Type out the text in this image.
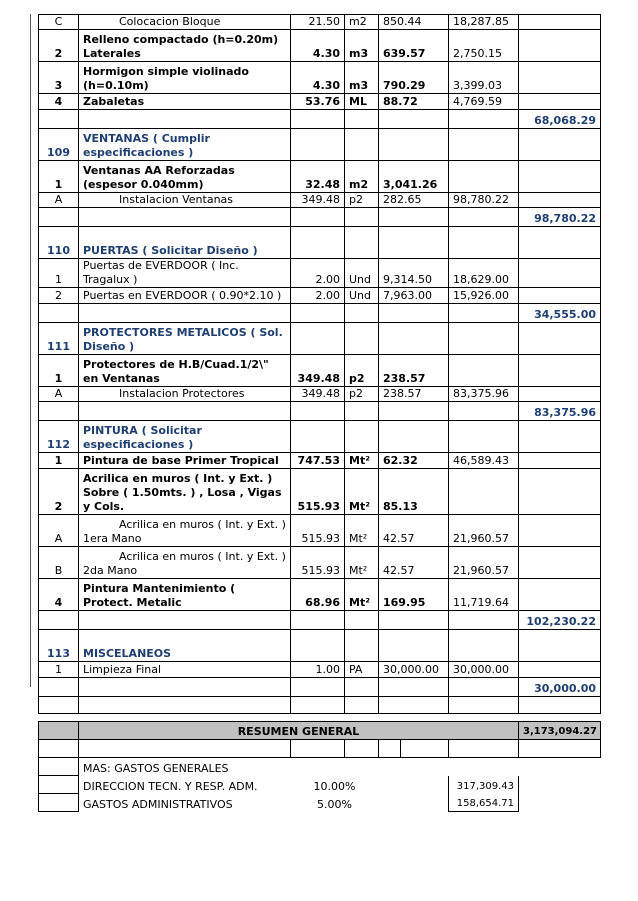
C	Colocacion Bloque	21.50	m2	850.44	18,287.85	
2	Relleno compactado (h=0.20m) Laterales	4.30	m3	639.57	2,750.15	
3	Hormigon simple violinado (h=0.10m)	4.30	m3	790.29	3,399.03	
4	Zabaletas	53.76	ML	88.72	4,769.59	
						68,068.29
109	VENTANAS ( Cumplir especificaciones )					
1	Ventanas AA Reforzadas (espesor 0.040mm)	32.48	m2	3,041.26		
A	Instalacion Ventanas	349.48	p2	282.65	98,780.22	
						98,780.22
110	PUERTAS ( Solicitar Diseño )					
1	Puertas de EVERDOOR ( Inc. Tragalux )	2.00	Und	9,314.50	18,629.00	
2	Puertas en EVERDOOR ( 0.90*2.10 )	2.00	Und	7,963.00	15,926.00	
						34,555.00
111	PROTECTORES METALICOS ( Sol. Diseño )					
1	Protectores de H.B/Cuad.1/2\" en Ventanas	349.48	p2	238.57		
A	Instalacion Protectores	349.48	p2	238.57	83,375.96	
						83,375.96
112	PINTURA ( Solicitar especificaciones )					
1	Pintura de base Primer Tropical	747.53	Mt²	62.32	46,589.43	
2	Acrilica en muros ( Int. y Ext. ) Sobre ( 1.50mts. ) , Losa , Vigas y Cols.	515.93	Mt²	85.13		
A	Acrilica en muros ( Int. y Ext. ) 1era Mano	515.93	Mt²	42.57	21,960.57	
B	Acrilica en muros ( Int. y Ext. ) 2da Mano	515.93	Mt²	42.57	21,960.57	
4	Pintura Mantenimiento ( Protect. Metalic	68.96	Mt²	169.95	11,719.64	
						102,230.22
113	MISCELANEOS					
1	Limpieza Final	1.00	PA	30,000.00	30,000.00	
						30,000.00

	RESUMEN GENERAL						3,173,094.27

	MAS: GASTOS GENERALES						
	DIRECCION TECN. Y RESP. ADM.	10.00%				317,309.43	
	GASTOS ADMINISTRATIVOS	5.00%				158,654.71	
